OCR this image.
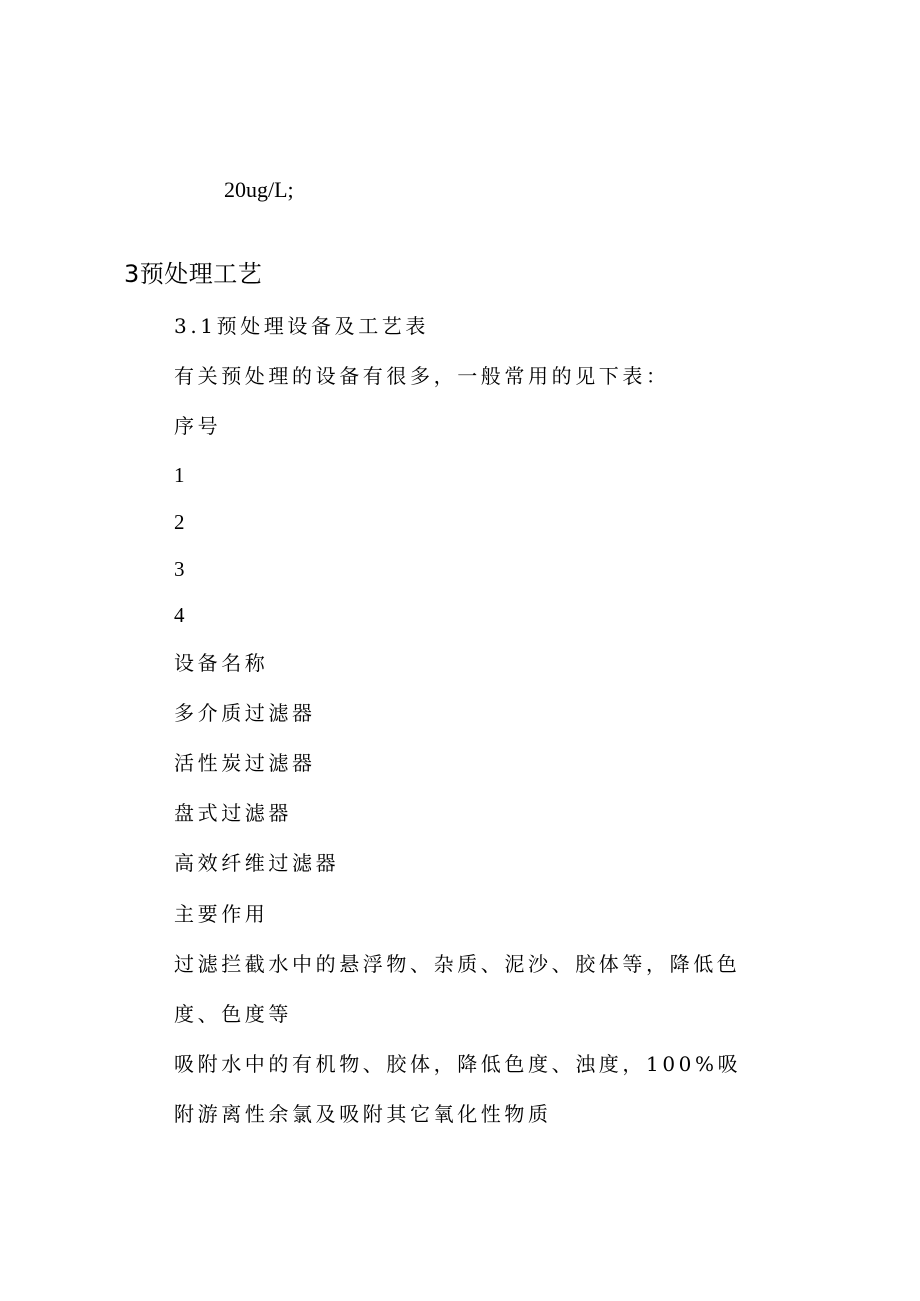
20ug/L;
3预处理工艺
3.1预处理设备及工艺表
有关预处理的设备有很多，一般常用的见下表：
序号
1
2
3
4
设备名称
多介质过滤器
活性炭过滤器
盘式过滤器
高效纤维过滤器
主要作用
过滤拦截水中的悬浮物、杂质、泥沙、胶体等，降低色
度、色度等
吸附水中的有机物、胶体，降低色度、浊度，100%吸
附游离性余氯及吸附其它氧化性物质
